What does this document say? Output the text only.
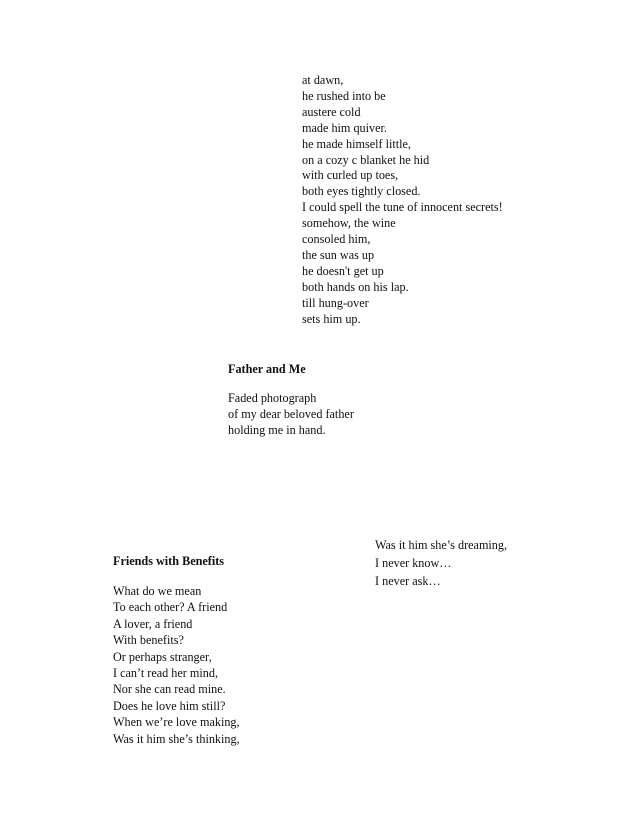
at dawn,
he rushed into be
austere cold
made him quiver.
he made himself little,
on a cozy c blanket he hid
with curled up toes,
both eyes tightly closed.
I could spell the tune of innocent secrets!
somehow, the wine
consoled him,
the sun was up
he doesn't get up
both hands on his lap.
till hung-over
sets him up.
Father and Me
Faded photograph
of my dear beloved father
holding me in hand.
Friends with Benefits
What do we mean
To each other? A friend
A lover, a friend
With benefits?
Or perhaps stranger,
I can’t read her mind,
Nor she can read mine.
Does he love him still?
When we’re love making,
Was it him she’s thinking,
Was it him she’s dreaming,
I never know…
I never ask…
